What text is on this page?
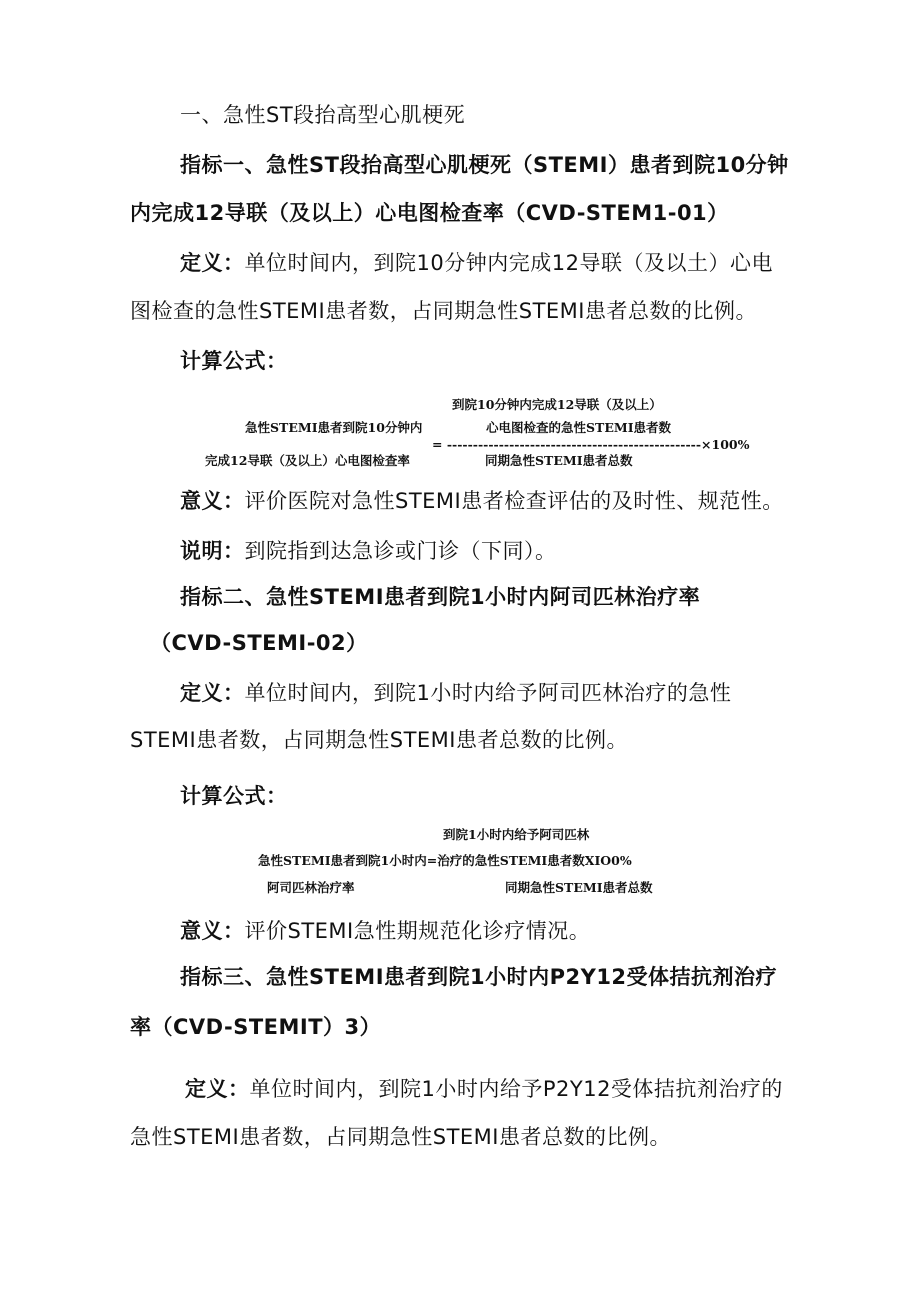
一、急性ST段抬高型心肌梗死
指标一、急性ST段抬高型心肌梗死（STEMI）患者到院10分钟
内完成12导联（及以上）心电图检查率（CVD-STEM1-01）
定义：单位时间内，到院10分钟内完成12导联（及以土）心电
图检查的急性STEMI患者数，占同期急性STEMI患者总数的比例。
计算公式：
到院10分钟内完成12导联（及以上）
急性STEMI患者到院10分钟内	心电图检查的急性STEMI患者数
= -------------------------------------------------×100%
完成12导联（及以上）心电图检查率	同期急性STEMI患者总数
意义：评价医院对急性STEMI患者检查评估的及时性、规范性。
说明：到院指到达急诊或门诊（下同）。
指标二、急性STEMI患者到院1小时内阿司匹林治疗率
（CVD-STEMI-02）
定义：单位时间内，到院1小时内给予阿司匹林治疗的急性
STEMI患者数，占同期急性STEMI患者总数的比例。
计算公式：
到院1小时内给予阿司匹林
急性STEMI患者到院1小时内=治疗的急性STEMI患者数XIO0%
阿司匹林治疗率	同期急性STEMI患者总数
意义：评价STEMI急性期规范化诊疗情况。
指标三、急性STEMI患者到院1小时内P2Y12受体拮抗剂治疗
率（CVD-STEMIT）3）
定义：单位时间内，到院1小时内给予P2Y12受体拮抗剂治疗的
急性STEMI患者数，占同期急性STEMI患者总数的比例。
